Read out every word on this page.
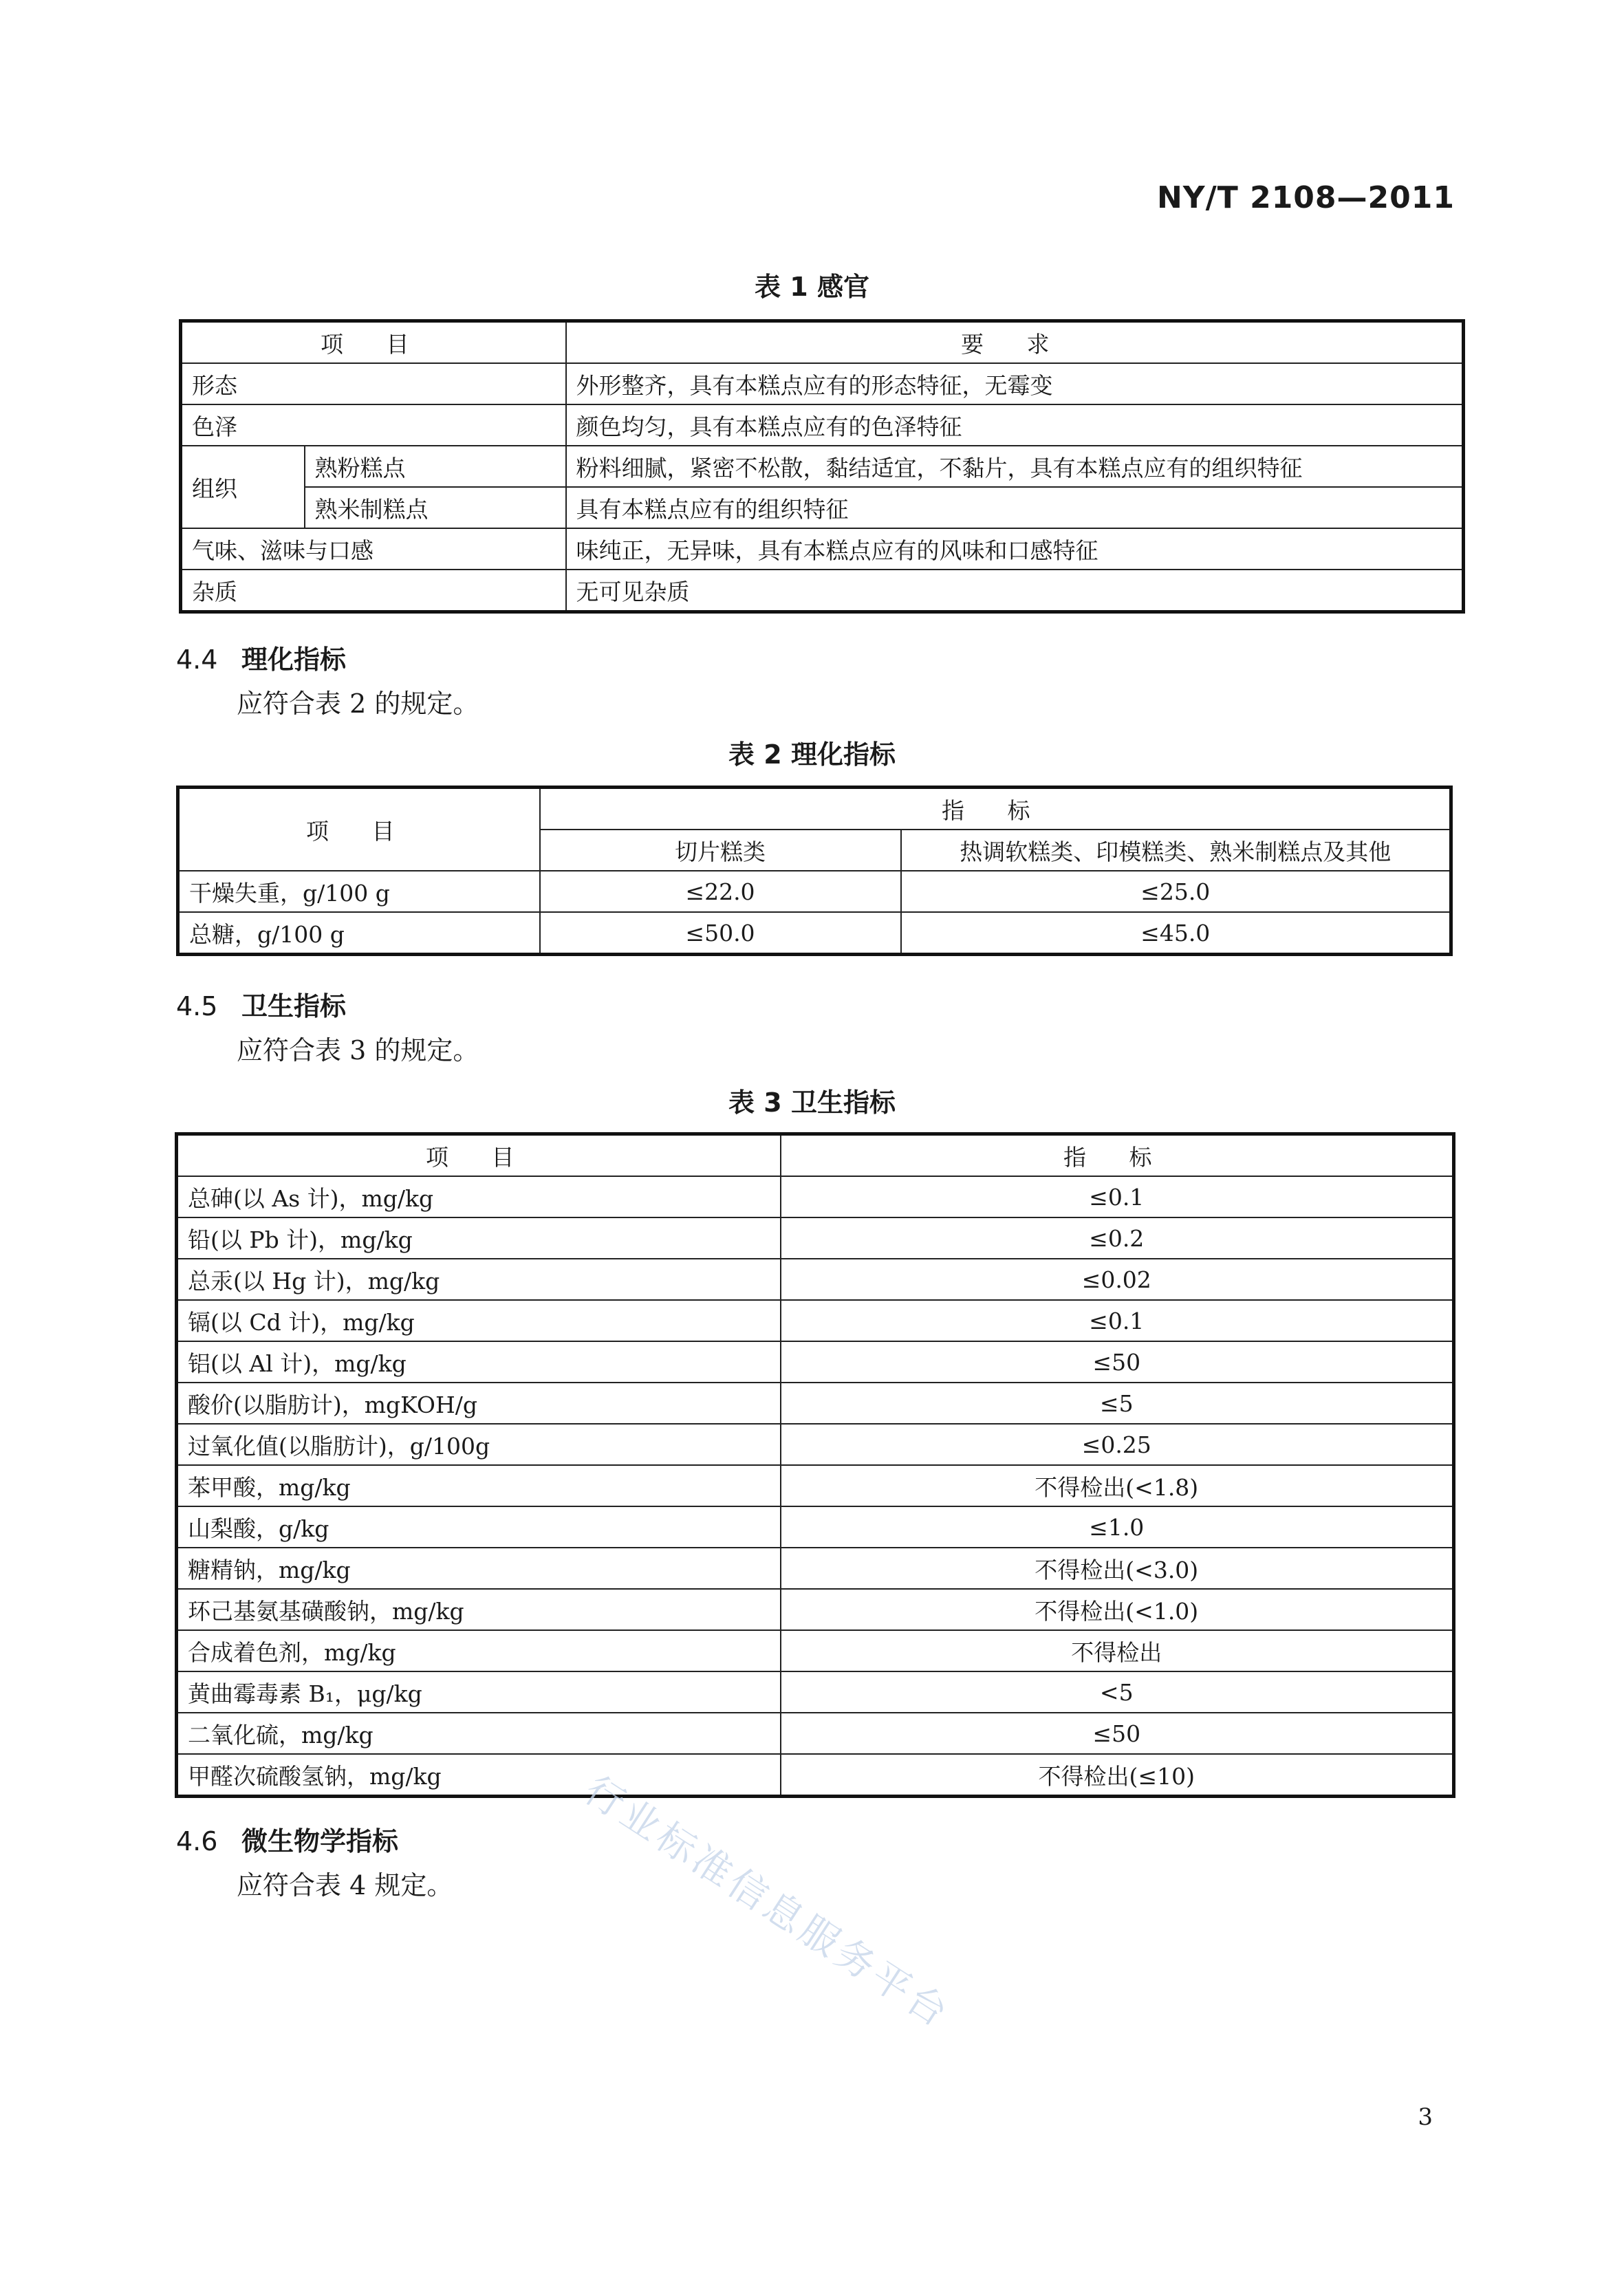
NY/T 2108—2011
表 1 感官
项 目		要 求
形态		外形整齐，具有本糕点应有的形态特征，无霉变
色泽		颜色均匀，具有本糕点应有的色泽特征
组织	熟粉糕点	粉料细腻，紧密不松散，黏结适宜，不黏片，具有本糕点应有的组织特征
	熟米制糕点	具有本糕点应有的组织特征
气味、滋味与口感		味纯正，无异味，具有本糕点应有的风味和口感特征
杂质		无可见杂质
4.4 理化指标
应符合表 2 的规定。
表 2 理化指标
项 目	指 标	
	切片糕类	热调软糕类、印模糕类、熟米制糕点及其他
干燥失重，g/100 g	≤22.0	≤25.0
总糖，g/100 g	≤50.0	≤45.0
4.5 卫生指标
应符合表 3 的规定。
表 3 卫生指标
项 目	指 标
总砷(以 As 计)，mg/kg	≤0.1
铅(以 Pb 计)，mg/kg	≤0.2
总汞(以 Hg 计)，mg/kg	≤0.02
镉(以 Cd 计)，mg/kg	≤0.1
铝(以 Al 计)，mg/kg	≤50
酸价(以脂肪计)，mgKOH/g	≤5
过氧化值(以脂肪计)，g/100g	≤0.25
苯甲酸，mg/kg	不得检出(<1.8)
山梨酸，g/kg	≤1.0
糖精钠，mg/kg	不得检出(<3.0)
环己基氨基磺酸钠，mg/kg	不得检出(<1.0)
合成着色剂，mg/kg	不得检出
黄曲霉毒素 B₁，μg/kg	<5
二氧化硫，mg/kg	≤50
甲醛次硫酸氢钠，mg/kg	不得检出(≤10)
4.6 微生物学指标
应符合表 4 规定。	行业标准信息服务平台
3
